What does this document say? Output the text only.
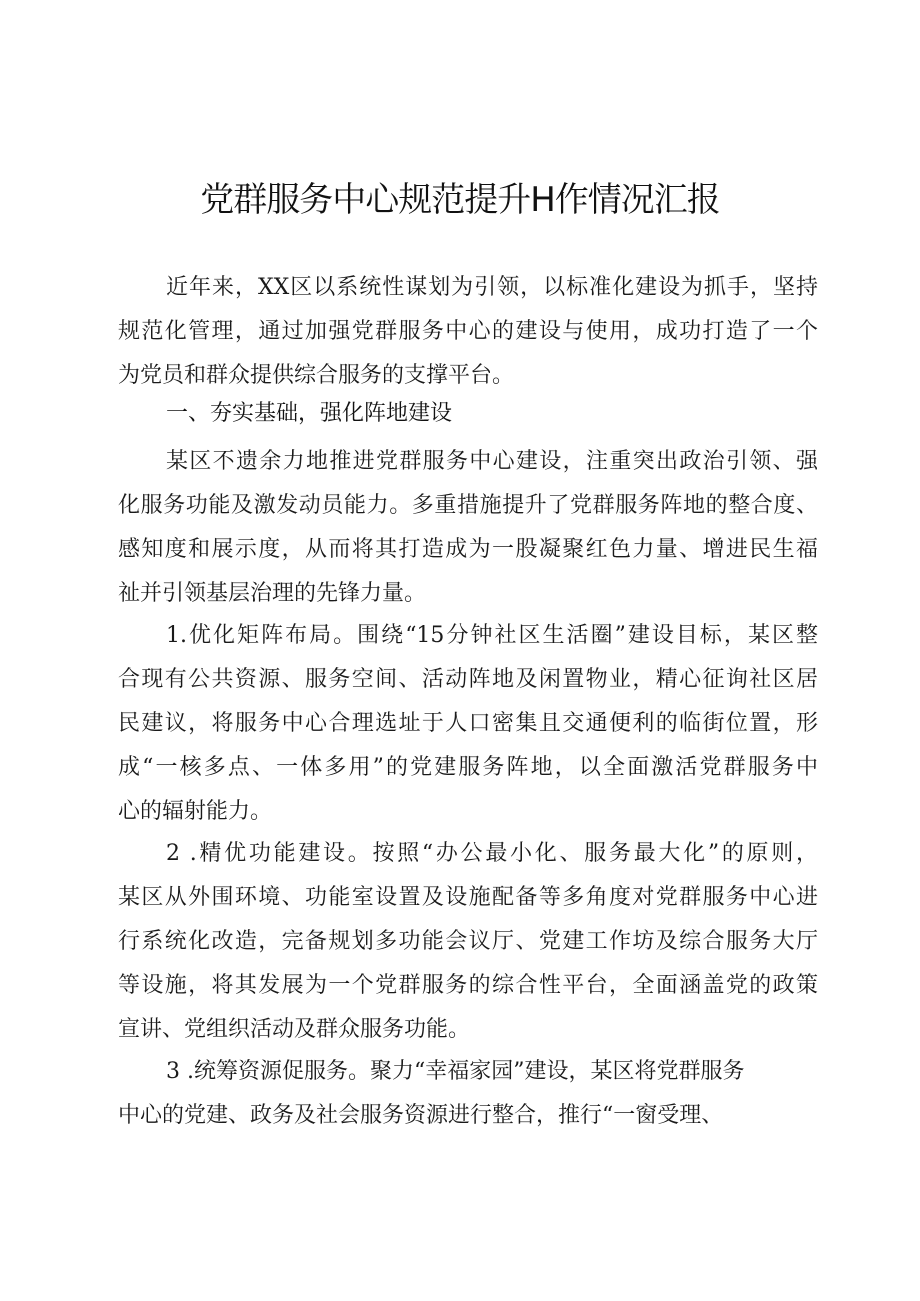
党群服务中心规范提升H作情况汇报
近年来，XX区以系统性谋划为引领，以标准化建设为抓手，坚持
规范化管理，通过加强党群服务中心的建设与使用，成功打造了一个
为党员和群众提供综合服务的支撑平台。
一、夯实基础，强化阵地建设
某区不遗余力地推进党群服务中心建设，注重突出政治引领、强
化服务功能及激发动员能力。多重措施提升了党群服务阵地的整合度、
感知度和展示度，从而将其打造成为一股凝聚红色力量、增进民生福
祉并引领基层治理的先锋力量。
1.优化矩阵布局。围绕“15分钟社区生活圈”建设目标，某区整
合现有公共资源、服务空间、活动阵地及闲置物业，精心征询社区居
民建议，将服务中心合理选址于人口密集且交通便利的临街位置，形
成“一核多点、一体多用”的党建服务阵地，以全面激活党群服务中
心的辐射能力。
2 .精优功能建设。按照“办公最小化、服务最大化”的原则，
某区从外围环境、功能室设置及设施配备等多角度对党群服务中心进
行系统化改造，完备规划多功能会议厅、党建工作坊及综合服务大厅
等设施，将其发展为一个党群服务的综合性平台，全面涵盖党的政策
宣讲、党组织活动及群众服务功能。
3 .统筹资源促服务。聚力“幸福家园”建设，某区将党群服务
中心的党建、政务及社会服务资源进行整合，推行“一窗受理、
